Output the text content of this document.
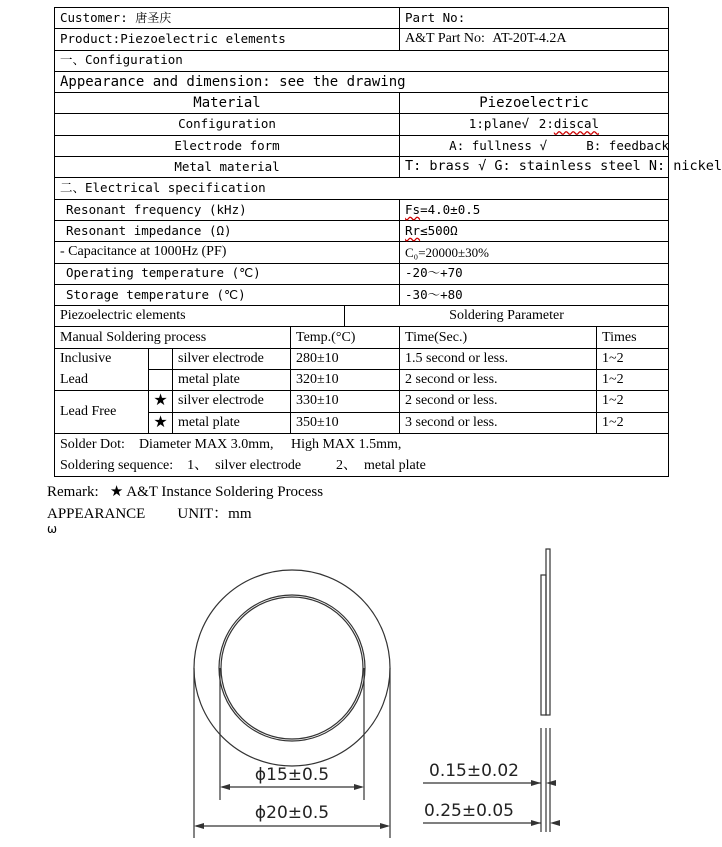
Customer: 唐圣庆					Part No:	
Product:Piezoelectric elements					A&T Part No: AT-20T-4.2A	
一、Configuration						
Appearance and dimension: see the drawing						
Material					Piezoelectric	
Configuration					1:plane√ 2:discal	
Electrode form					A: fullness √ B: feedback	
Metal material					T: brass √ G: stainless steel N: nickel	
二、Electrical specification						
Resonant frequency (kHz)					Fs=4.0±0.5	
Resonant impedance (Ω)					Rr≤500Ω	
- Capacitance at 1000Hz (PF)					C₀=20000±30%	
Operating temperature (℃)					-20～+70	
Storage temperature (℃)					-30～+80	
Piezoelectric elements				Soldering Parameter		
Manual Soldering process			Temp.(°C)		Time(Sec.)	Times
Inclusive
Lead		silver electrode	280±10		1.5 second or less.	1~2
		metal plate	320±10		2 second or less.	1~2
Lead Free	★	silver electrode	330±10		2 second or less.	1~2
	★	metal plate	350±10		3 second or less.	1~2
Solder Dot:    Diameter MAX 3.0mm,     High MAX 1.5mm,
Soldering sequence:    1、  silver electrode          2、  metal plate						
Remark: ★ A&T Instance Soldering Process
APPEARANCE UNIT：mm
ω
ϕ15±0.5
ϕ20±0.5
0.15±0.02
0.25±0.05
